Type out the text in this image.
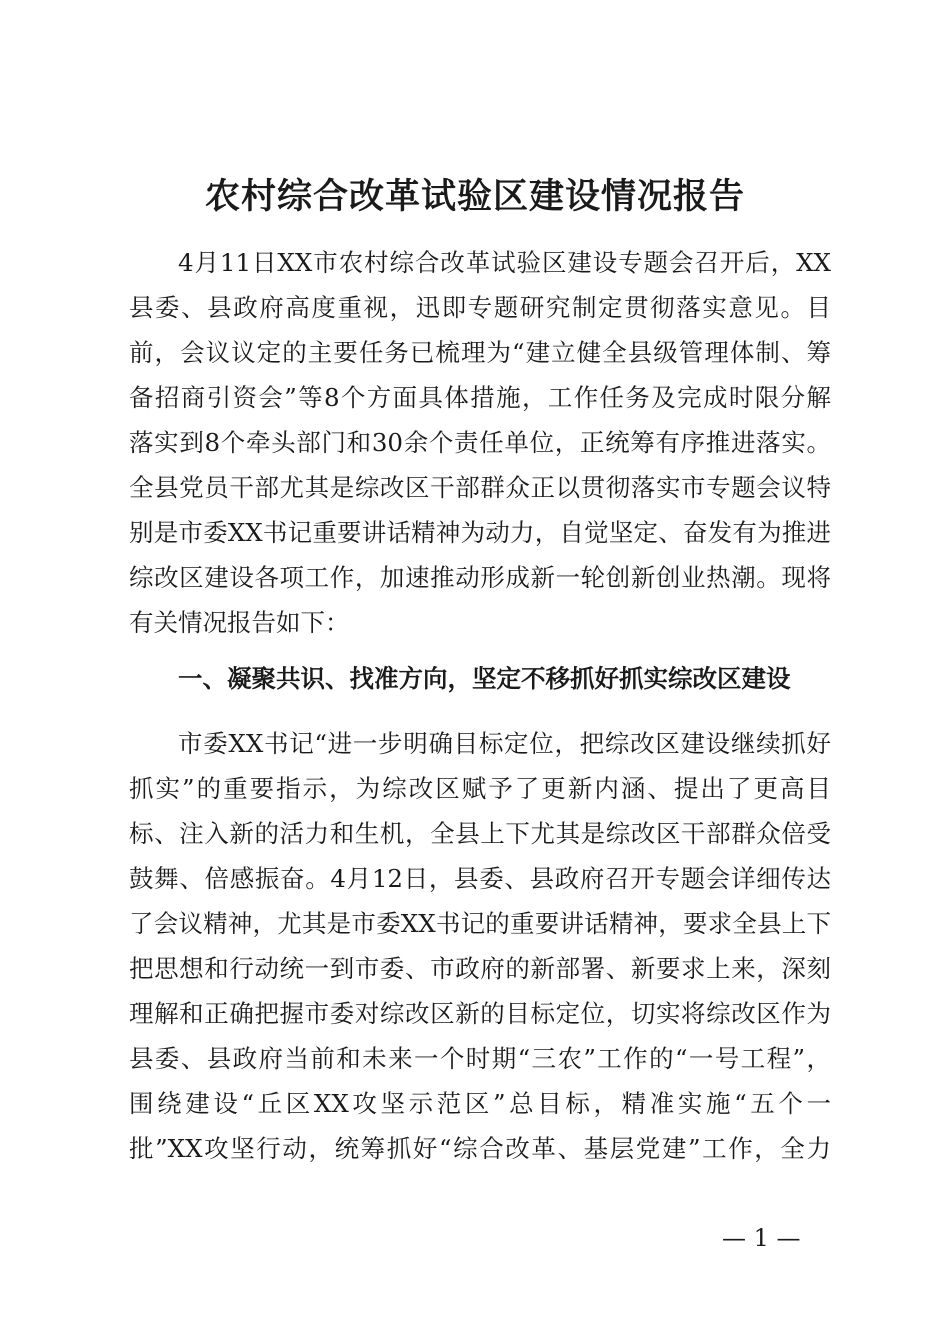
农村综合改革试验区建设情况报告
4月11日XX市农村综合改革试验区建设专题会召开后，XX
县委、县政府高度重视，迅即专题研究制定贯彻落实意见。目
前，会议议定的主要任务已梳理为“建立健全县级管理体制、筹
备招商引资会”等8个方面具体措施，工作任务及完成时限分解
落实到8个牵头部门和30余个责任单位，正统筹有序推进落实。
全县党员干部尤其是综改区干部群众正以贯彻落实市专题会议特
别是市委XX书记重要讲话精神为动力，自觉坚定、奋发有为推进
综改区建设各项工作，加速推动形成新一轮创新创业热潮。现将
有关情况报告如下：
一、凝聚共识、找准方向，坚定不移抓好抓实综改区建设
市委XX书记“进一步明确目标定位，把综改区建设继续抓好
抓实”的重要指示，为综改区赋予了更新内涵、提出了更高目
标、注入新的活力和生机，全县上下尤其是综改区干部群众倍受
鼓舞、倍感振奋。4月12日，县委、县政府召开专题会详细传达
了会议精神，尤其是市委XX书记的重要讲话精神，要求全县上下
把思想和行动统一到市委、市政府的新部署、新要求上来，深刻
理解和正确把握市委对综改区新的目标定位，切实将综改区作为
县委、县政府当前和未来一个时期“三农”工作的“一号工程”，
围绕建设“丘区XX攻坚示范区”总目标，精准实施“五个一
批”XX攻坚行动，统筹抓好“综合改革、基层党建”工作，全力
— 1 —
